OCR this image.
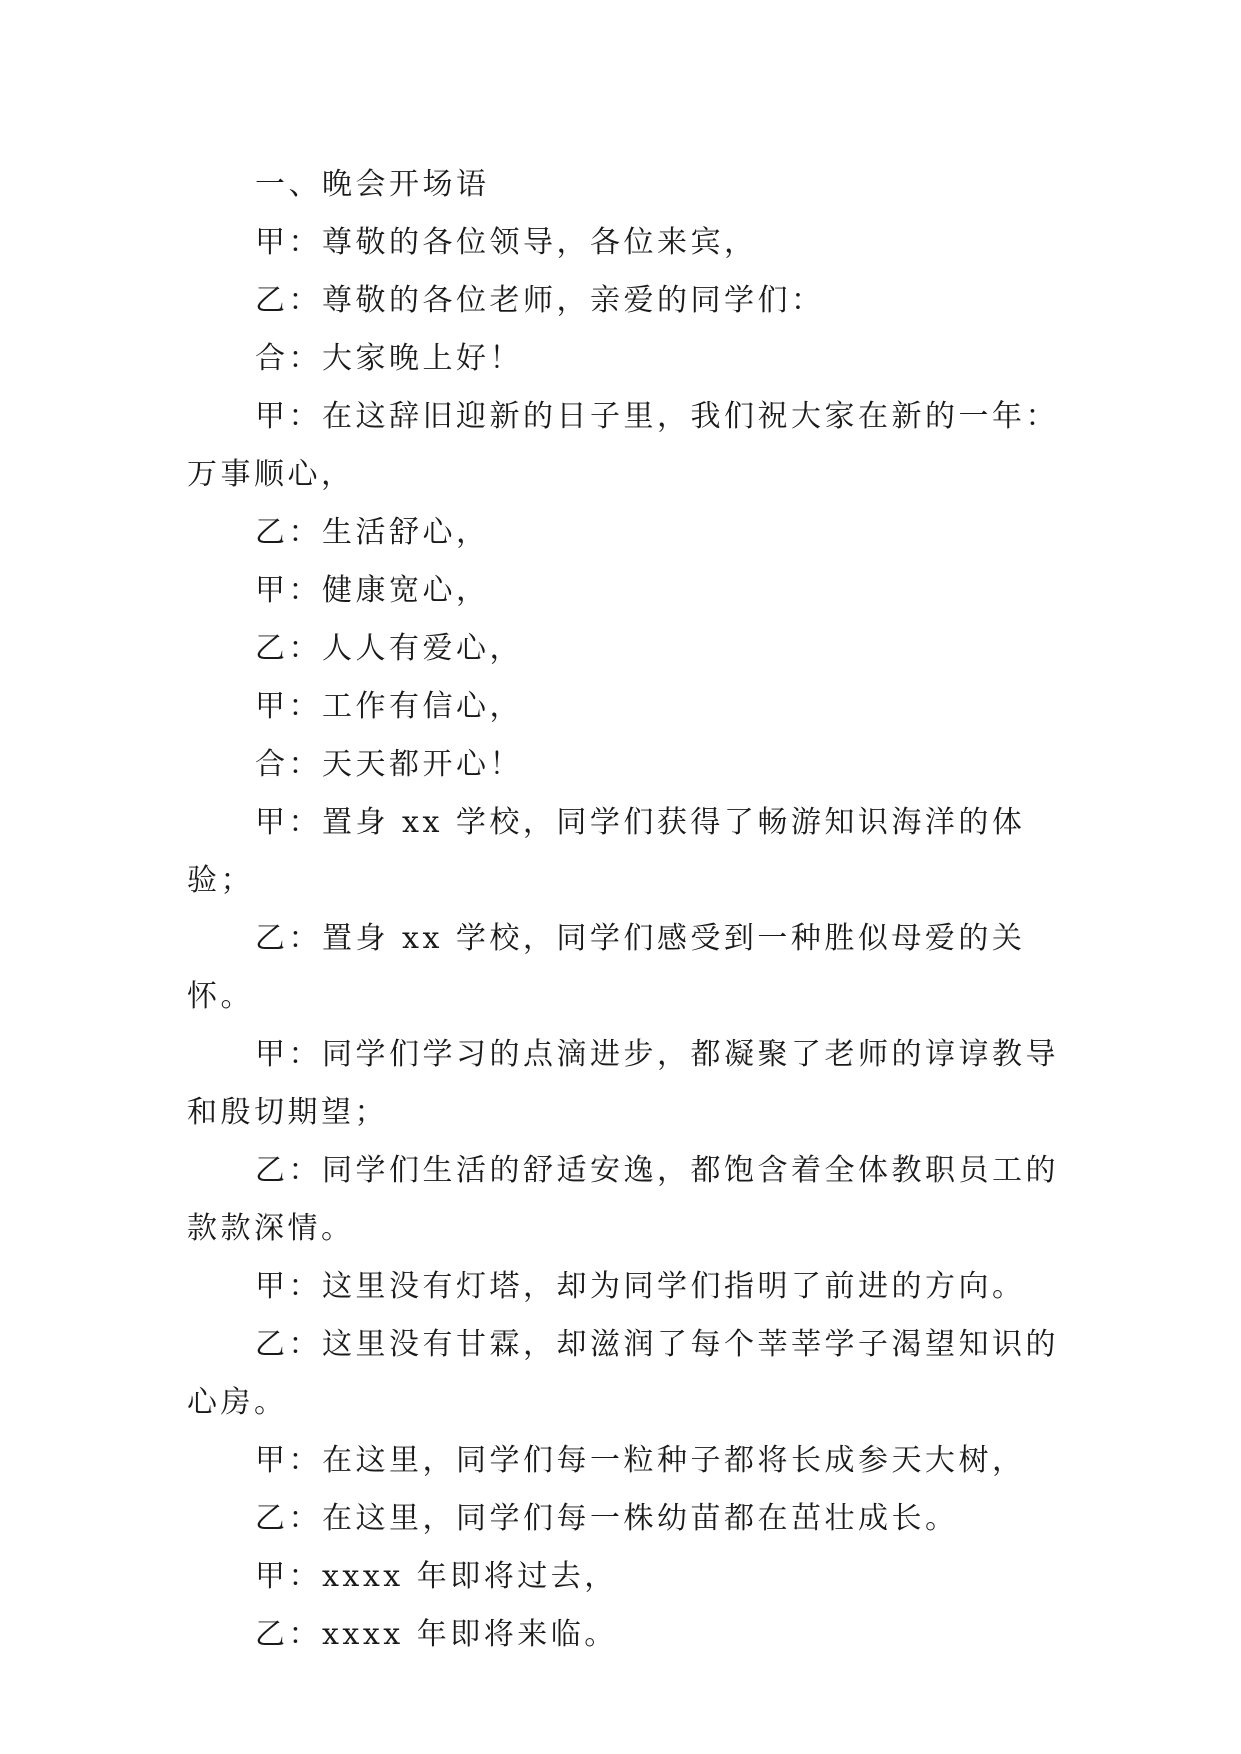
一、晚会开场语

甲：尊敬的各位领导，各位来宾，

乙：尊敬的各位老师，亲爱的同学们：

合：大家晚上好！

甲：在这辞旧迎新的日子里，我们祝大家在新的一年：万事顺心，

乙：生活舒心，

甲：健康宽心，

乙：人人有爱心，

甲：工作有信心，

合：天天都开心！

甲：置身 xx 学校，同学们获得了畅游知识海洋的体验；

乙：置身 xx 学校，同学们感受到一种胜似母爱的关怀。

甲：同学们学习的点滴进步，都凝聚了老师的谆谆教导和殷切期望；

乙：同学们生活的舒适安逸，都饱含着全体教职员工的款款深情。

甲：这里没有灯塔，却为同学们指明了前进的方向。

乙：这里没有甘霖，却滋润了每个莘莘学子渴望知识的心房。

甲：在这里，同学们每一粒种子都将长成参天大树，

乙：在这里，同学们每一株幼苗都在茁壮成长。

甲：xxxx 年即将过去，

乙：xxxx 年即将来临。
